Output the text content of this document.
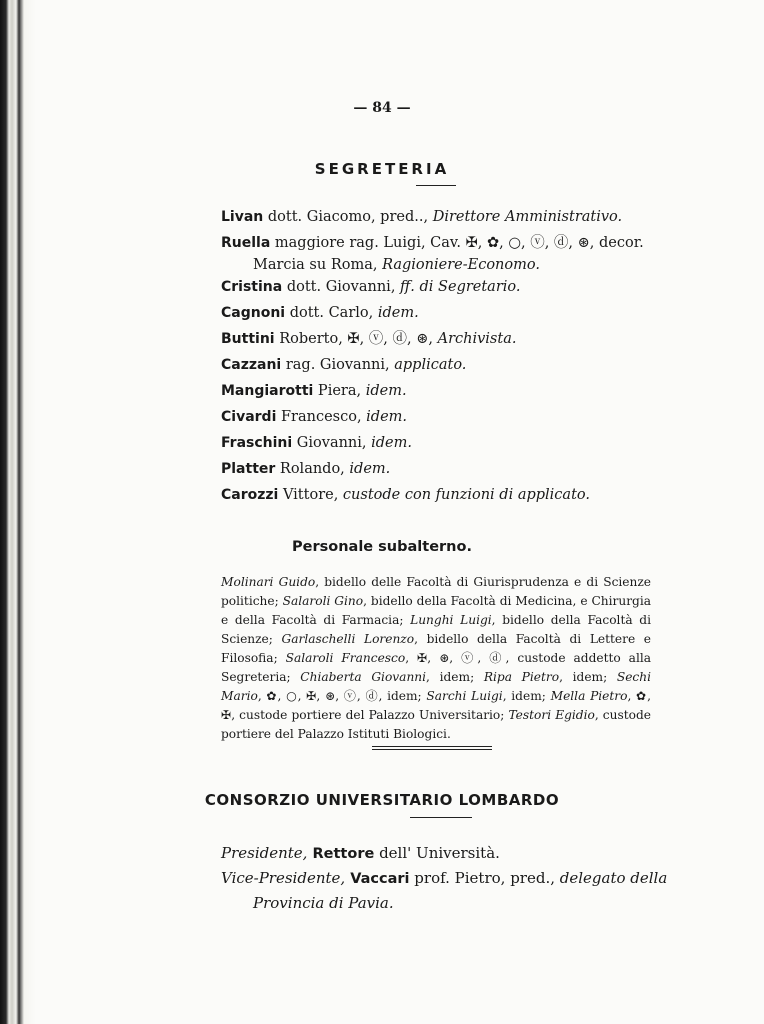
— 84 —
SEGRETERIA
Livan dott. Giacomo, pred.., Direttore Amministrativo.
Ruella maggiore rag. Luigi, Cav. ✠, ✿, ○, ⓥ, ⓓ, ⊛, decor.
Marcia su Roma, Ragioniere-Economo.
Cristina dott. Giovanni, ff. di Segretario.
Cagnoni dott. Carlo, idem.
Buttini Roberto, ✠, ⓥ, ⓓ, ⊛, Archivista.
Cazzani rag. Giovanni, applicato.
Mangiarotti Piera, idem.
Civardi Francesco, idem.
Fraschini Giovanni, idem.
Platter Rolando, idem.
Carozzi Vittore, custode con funzioni di applicato.
Personale subalterno.
Molinari Guido, bidello delle Facoltà di Giurisprudenza e di Scienze politiche; Salaroli Gino, bidello della Facoltà di Medicina, e Chirurgia e della Facoltà di Farmacia; Lunghi Luigi, bidello della Facoltà di Scienze; Garlaschelli Lorenzo, bidello della Facoltà di Lettere e Filosofia; Salaroli Francesco, ✠, ⊛, ⓥ, ⓓ, custode addetto alla Segreteria; Chiaberta Giovanni, idem; Ripa Pietro, idem; Sechi Mario, ✿, ○, ✠, ⊛, ⓥ, ⓓ, idem; Sarchi Luigi, idem; Mella Pietro, ✿, ✠, custode portiere del Palazzo Universitario; Testori Egidio, custode portiere del Palazzo Istituti Biologici.
CONSORZIO UNIVERSITARIO LOMBARDO
Presidente, Rettore dell' Università.
Vice-Presidente, Vaccari prof. Pietro, pred., delegato della
Provincia di Pavia.
